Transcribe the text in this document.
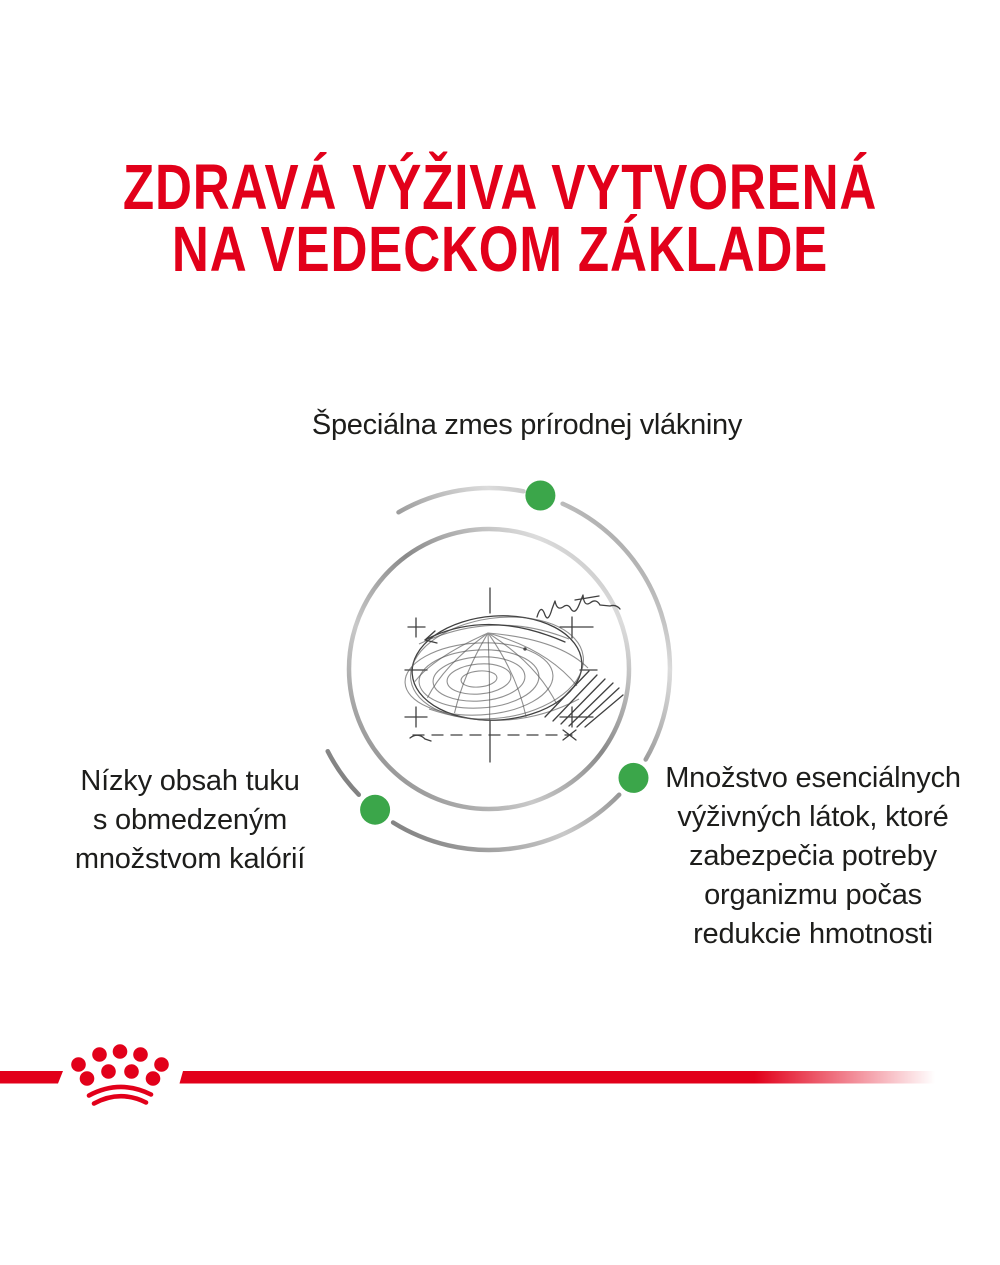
ZDRAVÁ VÝŽIVA VYTVORENÁ
NA VEDECKOM ZÁKLADE
Špeciálna zmes prírodnej vlákniny
Nízky obsah tuku
s obmedzeným
množstvom kalórií
Množstvo esenciálnych
výživných látok, ktoré
zabezpečia potreby
organizmu počas
redukcie hmotnosti
